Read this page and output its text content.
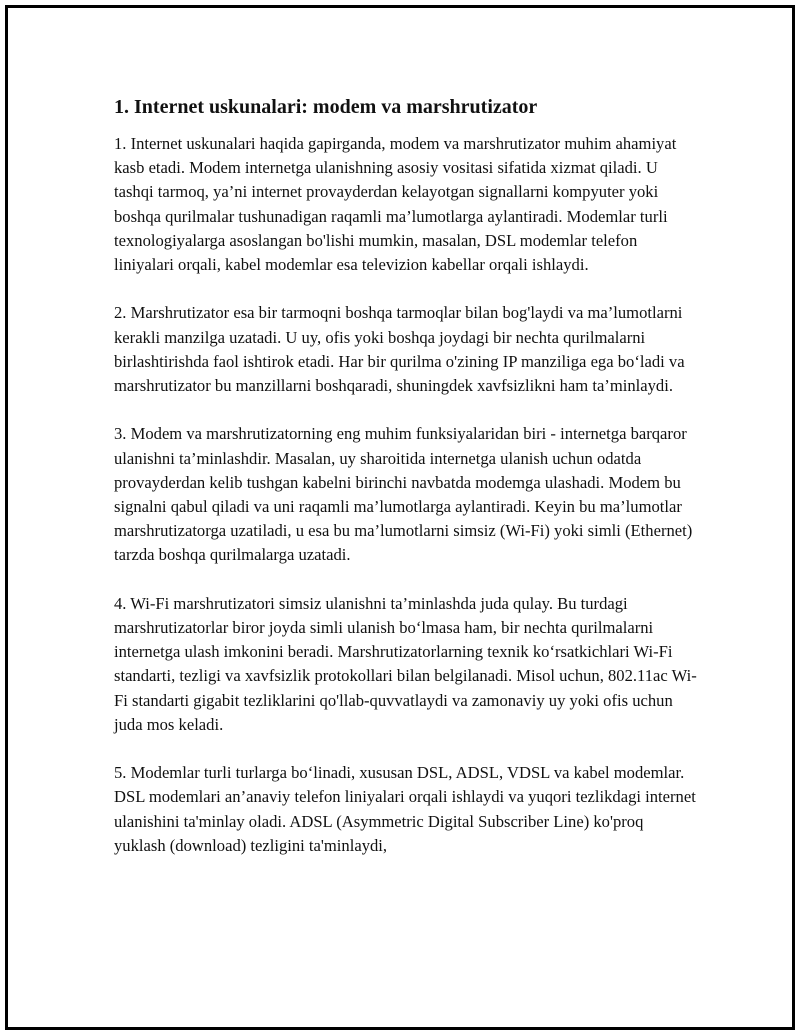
1. Internet uskunalari: modem va marshrutizator

1. Internet uskunalari haqida gapirganda, modem va marshrutizator muhim ahamiyat kasb etadi. Modem internetga ulanishning asosiy vositasi sifatida xizmat qiladi. U tashqi tarmoq, ya’ni internet provayderdan kelayotgan signallarni kompyuter yoki boshqa qurilmalar tushunadigan raqamli ma’lumotlarga aylantiradi. Modemlar turli texnologiyalarga asoslangan bo'lishi mumkin, masalan, DSL modemlar telefon liniyalari orqali, kabel modemlar esa televizion kabellar orqali ishlaydi.

2. Marshrutizator esa bir tarmoqni boshqa tarmoqlar bilan bog'laydi va ma’lumotlarni kerakli manzilga uzatadi. U uy, ofis yoki boshqa joydagi bir nechta qurilmalarni birlashtirishda faol ishtirok etadi. Har bir qurilma o'zining IP manziliga ega bo‘ladi va marshrutizator bu manzillarni boshqaradi, shuningdek xavfsizlikni ham ta’minlaydi.

3. Modem va marshrutizatorning eng muhim funksiyalaridan biri - internetga barqaror ulanishni ta’minlashdir. Masalan, uy sharoitida internetga ulanish uchun odatda provayderdan kelib tushgan kabelni birinchi navbatda modemga ulashadi. Modem bu signalni qabul qiladi va uni raqamli ma’lumotlarga aylantiradi. Keyin bu ma’lumotlar marshrutizatorga uzatiladi, u esa bu ma’lumotlarni simsiz (Wi-Fi) yoki simli (Ethernet) tarzda boshqa qurilmalarga uzatadi.

4. Wi-Fi marshrutizatori simsiz ulanishni ta’minlashda juda qulay. Bu turdagi marshrutizatorlar biror joyda simli ulanish bo‘lmasa ham, bir nechta qurilmalarni internetga ulash imkonini beradi. Marshrutizatorlarning texnik ko‘rsatkichlari Wi-Fi standarti, tezligi va xavfsizlik protokollari bilan belgilanadi. Misol uchun, 802.11ac Wi-Fi standarti gigabit tezliklarini qo'llab-quvvatlaydi va zamonaviy uy yoki ofis uchun juda mos keladi.

5. Modemlar turli turlarga bo‘linadi, xususan DSL, ADSL, VDSL va kabel modemlar. DSL modemlari an’anaviy telefon liniyalari orqali ishlaydi va yuqori tezlikdagi internet ulanishini ta'minlay oladi. ADSL (Asymmetric Digital Subscriber Line) ko'proq yuklash (download) tezligini ta'minlaydi,
